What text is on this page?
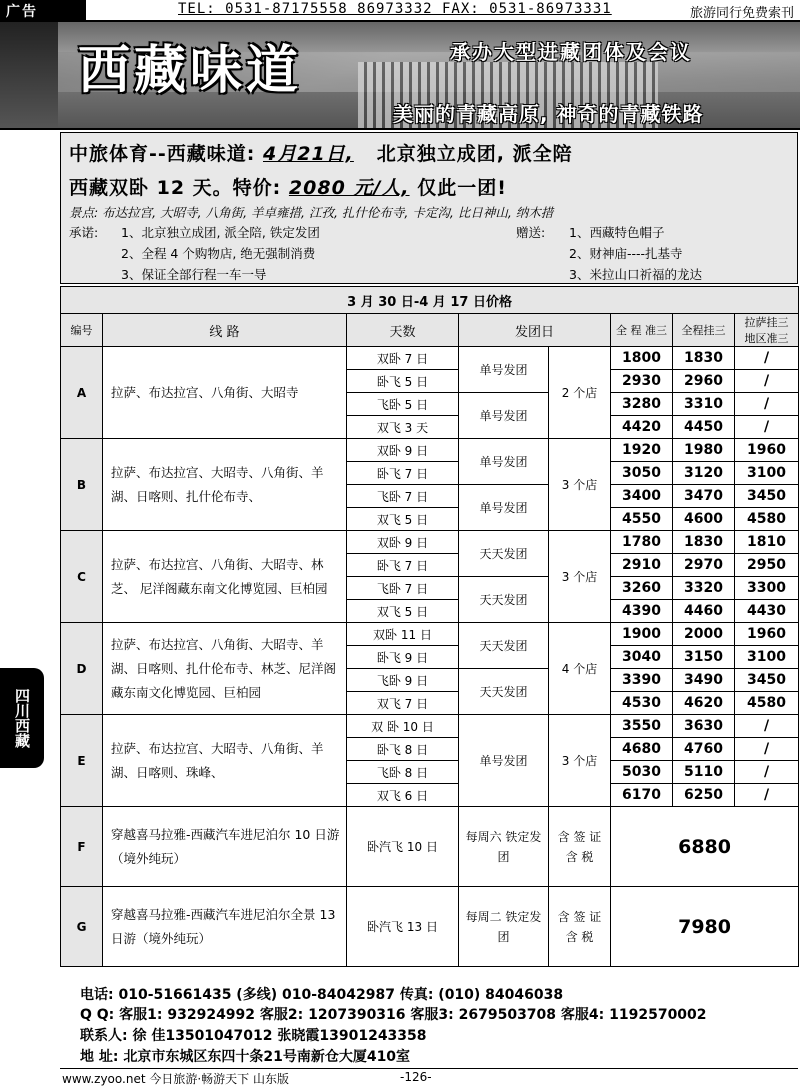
广告	TEL: 0531-87175558 86973332 FAX: 0531-86973331	旅游同行免费索刊
西藏味道	承办大型进藏团体及会议
美丽的青藏高原, 神奇的青藏铁路
中旅体育--西藏味道: 4月21日, 北京独立成团, 派全陪
西藏双卧 12 天。特价: 2080 元/人, 仅此一团!
景点: 布达拉宫, 大昭寺, 八角街, 羊卓雍措, 江孜, 扎什伦布寺, 卡定沟, 比日神山, 纳木措
承诺: 1、北京独立成团, 派全陪, 铁定发团
2、全程 4 个购物店, 绝无强制消费
3、保证全部行程一车一导
赠送: 1、西藏特色帽子
2、财神庙----扎基寺
3、米拉山口祈福的龙达
四川西藏
3 月 30 日-4 月 17 日价格							
编号	线 路	天数	发团日		全 程 准三	全程挂三	拉萨挂三 地区准三
A	拉萨、布达拉宫、八角街、大昭寺	双卧 7 日	单号发团	2 个店	1800	1830	/
		卧飞 5 日			2930	2960	/
		飞卧 5 日	单号发团		3280	3310	/
		双飞 3 天			4420	4450	/
B	拉萨、布达拉宫、大昭寺、八角街、羊湖、日喀则、扎什伦布寺、	双卧 9 日	单号发团	3 个店	1920	1980	1960
		卧飞 7 日			3050	3120	3100
		飞卧 7 日	单号发团		3400	3470	3450
		双飞 5 日			4550	4600	4580
C	拉萨、布达拉宫、八角街、大昭寺、林芝、 尼洋阁藏东南文化博览园、巨柏园	双卧 9 日	天天发团	3 个店	1780	1830	1810
		卧飞 7 日			2910	2970	2950
		飞卧 7 日	天天发团		3260	3320	3300
		双飞 5 日			4390	4460	4430
D	拉萨、布达拉宫、八角街、大昭寺、羊湖、日喀则、扎什伦布寺、林芝、尼洋阁藏东南文化博览园、巨柏园	双卧 11 日	天天发团	4 个店	1900	2000	1960
		卧飞 9 日			3040	3150	3100
		飞卧 9 日	天天发团		3390	3490	3450
		双飞 7 日			4530	4620	4580
E	拉萨、布达拉宫、大昭寺、八角街、羊湖、日喀则、珠峰、	双 卧 10 日	单号发团	3 个店	3550	3630	/
		卧飞 8 日			4680	4760	/
		飞卧 8 日			5030	5110	/
		双飞 6 日			6170	6250	/
F	穿越喜马拉雅-西藏汽车进尼泊尔 10 日游（境外纯玩）	卧汽飞 10 日	每周六 铁定发团	含 签 证 含 税	6880		
G	穿越喜马拉雅-西藏汽车进尼泊尔全景 13 日游（境外纯玩）	卧汽飞 13 日	每周二 铁定发团	含 签 证 含 税	7980		
电话: 010-51661435 (多线) 010-84042987 传真: (010) 84046038
Q Q: 客服1: 932924992 客服2: 1207390316 客服3: 2679503708 客服4: 1192570002
联系人: 徐 佳13501047012 张晓霞13901243358
地 址: 北京市东城区东四十条21号南新仓大厦410室
www.zyoo.net 今日旅游·畅游天下 山东版	-126-
